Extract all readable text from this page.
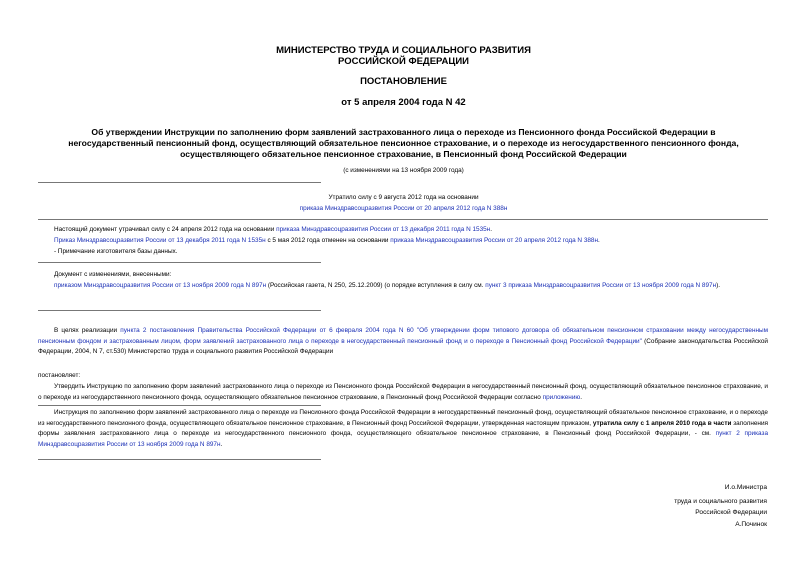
МИНИСТЕРСТВО ТРУДА И СОЦИАЛЬНОГО РАЗВИТИЯ
РОССИЙСКОЙ ФЕДЕРАЦИИ
ПОСТАНОВЛЕНИЕ
от 5 апреля 2004 года N 42
Об утверждении Инструкции по заполнению форм заявлений застрахованного лица о переходе из Пенсионного фонда Российской Федерации в
негосударственный пенсионный фонд, осуществляющий обязательное пенсионное страхование, и о переходе из негосударственного пенсионного фонда,
осуществляющего обязательное пенсионное страхование, в Пенсионный фонд Российской Федерации
(с изменениями на 13 ноября 2009 года)
Утратило силу с 9 августа 2012 года на основании
приказа Минздравсоцразвития России от 20 апреля 2012 года N 388н
Настоящий документ утрачивал силу с 24 апреля 2012 года на основании приказа Минздравсоцразвития России от 13 декабря 2011 года N 1535н.
Приказ Минздравсоцразвития России от 13 декабря 2011 года N 1535н с 5 мая 2012 года отменен на основании приказа Минздравсоцразвития России от 20 апреля 2012 года N 388н.
- Примечание изготовителя базы данных.
Документ с изменениями, внесенными:
приказом Минздравсоцразвития России от 13 ноября 2009 года N 897н (Российская газета, N 250, 25.12.2009) (о порядке вступления в силу см. пункт 3 приказа Минздравсоцразвития России от 13 ноября 2009 года N 897н).
В целях реализации пункта 2 постановления Правительства Российской Федерации от 6 февраля 2004 года N 60 "Об утверждении форм типового договора об обязательном пенсионном страховании между негосударственным пенсионным фондом и застрахованным лицом, форм заявлений застрахованного лица о переходе в негосударственный пенсионный фонд и о переходе в Пенсионный фонд Российской Федерации" (Собрание законодательства Российской Федерации, 2004, N 7, ст.530) Министерство труда и социального развития Российской Федерации
постановляет:
Утвердить Инструкцию по заполнению форм заявлений застрахованного лица о переходе из Пенсионного фонда Российской Федерации в негосударственный пенсионный фонд, осуществляющий обязательное пенсионное страхование, и о переходе из негосударственного пенсионного фонда, осуществляющего обязательное пенсионное страхование, в Пенсионный фонд Российской Федерации согласно приложению.
Инструкция по заполнению форм заявлений застрахованного лица о переходе из Пенсионного фонда Российской Федерации в негосударственный пенсионный фонд, осуществляющий обязательное пенсионное страхование, и о переходе из негосударственного пенсионного фонда, осуществляющего обязательное пенсионное страхование, в Пенсионный фонд Российской Федерации, утвержденная настоящим приказом, утратила силу с 1 апреля 2010 года в части заполнения формы заявления застрахованного лица о переходе из негосударственного пенсионного фонда, осуществляющего обязательное пенсионное страхование, в Пенсионный фонд Российской Федерации, - см. пункт 2 приказа Минздравсоцразвития России от 13 ноября 2009 года N 897н.
И.о.Министра
труда и социального развития
Российской Федерации
А.Починок
